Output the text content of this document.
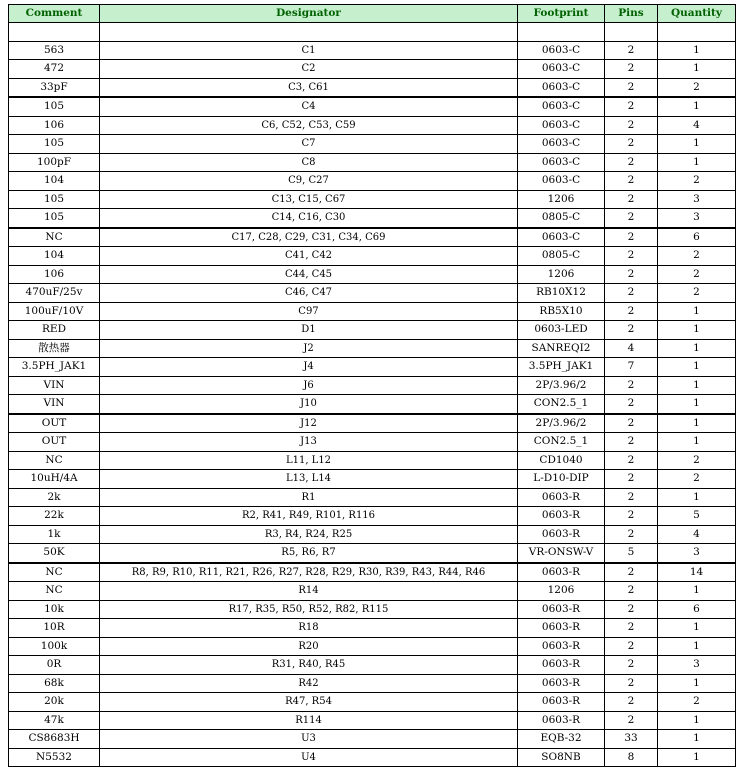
Comment	Designator	Footprint	Pins	Quantity

563	C1	0603-C	2	1
472	C2	0603-C	2	1
33pF	C3, C61	0603-C	2	2
105	C4	0603-C	2	1
106	C6, C52, C53, C59	0603-C	2	4
105	C7	0603-C	2	1
100pF	C8	0603-C	2	1
104	C9, C27	0603-C	2	2
105	C13, C15, C67	1206	2	3
105	C14, C16, C30	0805-C	2	3
NC	C17, C28, C29, C31, C34, C69	0603-C	2	6
104	C41, C42	0805-C	2	2
106	C44, C45	1206	2	2
470uF/25v	C46, C47	RB10X12	2	2
100uF/10V	C97	RB5X10	2	1
RED	D1	0603-LED	2	1
散热器	J2	SANREQI2	4	1
3.5PH_JAK1	J4	3.5PH_JAK1	7	1
VIN	J6	2P/3.96/2	2	1
VIN	J10	CON2.5_1	2	1
OUT	J12	2P/3.96/2	2	1
OUT	J13	CON2.5_1	2	1
NC	L11, L12	CD1040	2	2
10uH/4A	L13, L14	L-D10-DIP	2	2
2k	R1	0603-R	2	1
22k	R2, R41, R49, R101, R116	0603-R	2	5
1k	R3, R4, R24, R25	0603-R	2	4
50K	R5, R6, R7	VR-ONSW-V	5	3
NC	R8, R9, R10, R11, R21, R26, R27, R28, R29, R30, R39, R43, R44, R46	0603-R	2	14
NC	R14	1206	2	1
10k	R17, R35, R50, R52, R82, R115	0603-R	2	6
10R	R18	0603-R	2	1
100k	R20	0603-R	2	1
0R	R31, R40, R45	0603-R	2	3
68k	R42	0603-R	2	1
20k	R47, R54	0603-R	2	2
47k	R114	0603-R	2	1
CS8683H	U3	EQB-32	33	1
N5532	U4	SO8NB	8	1
